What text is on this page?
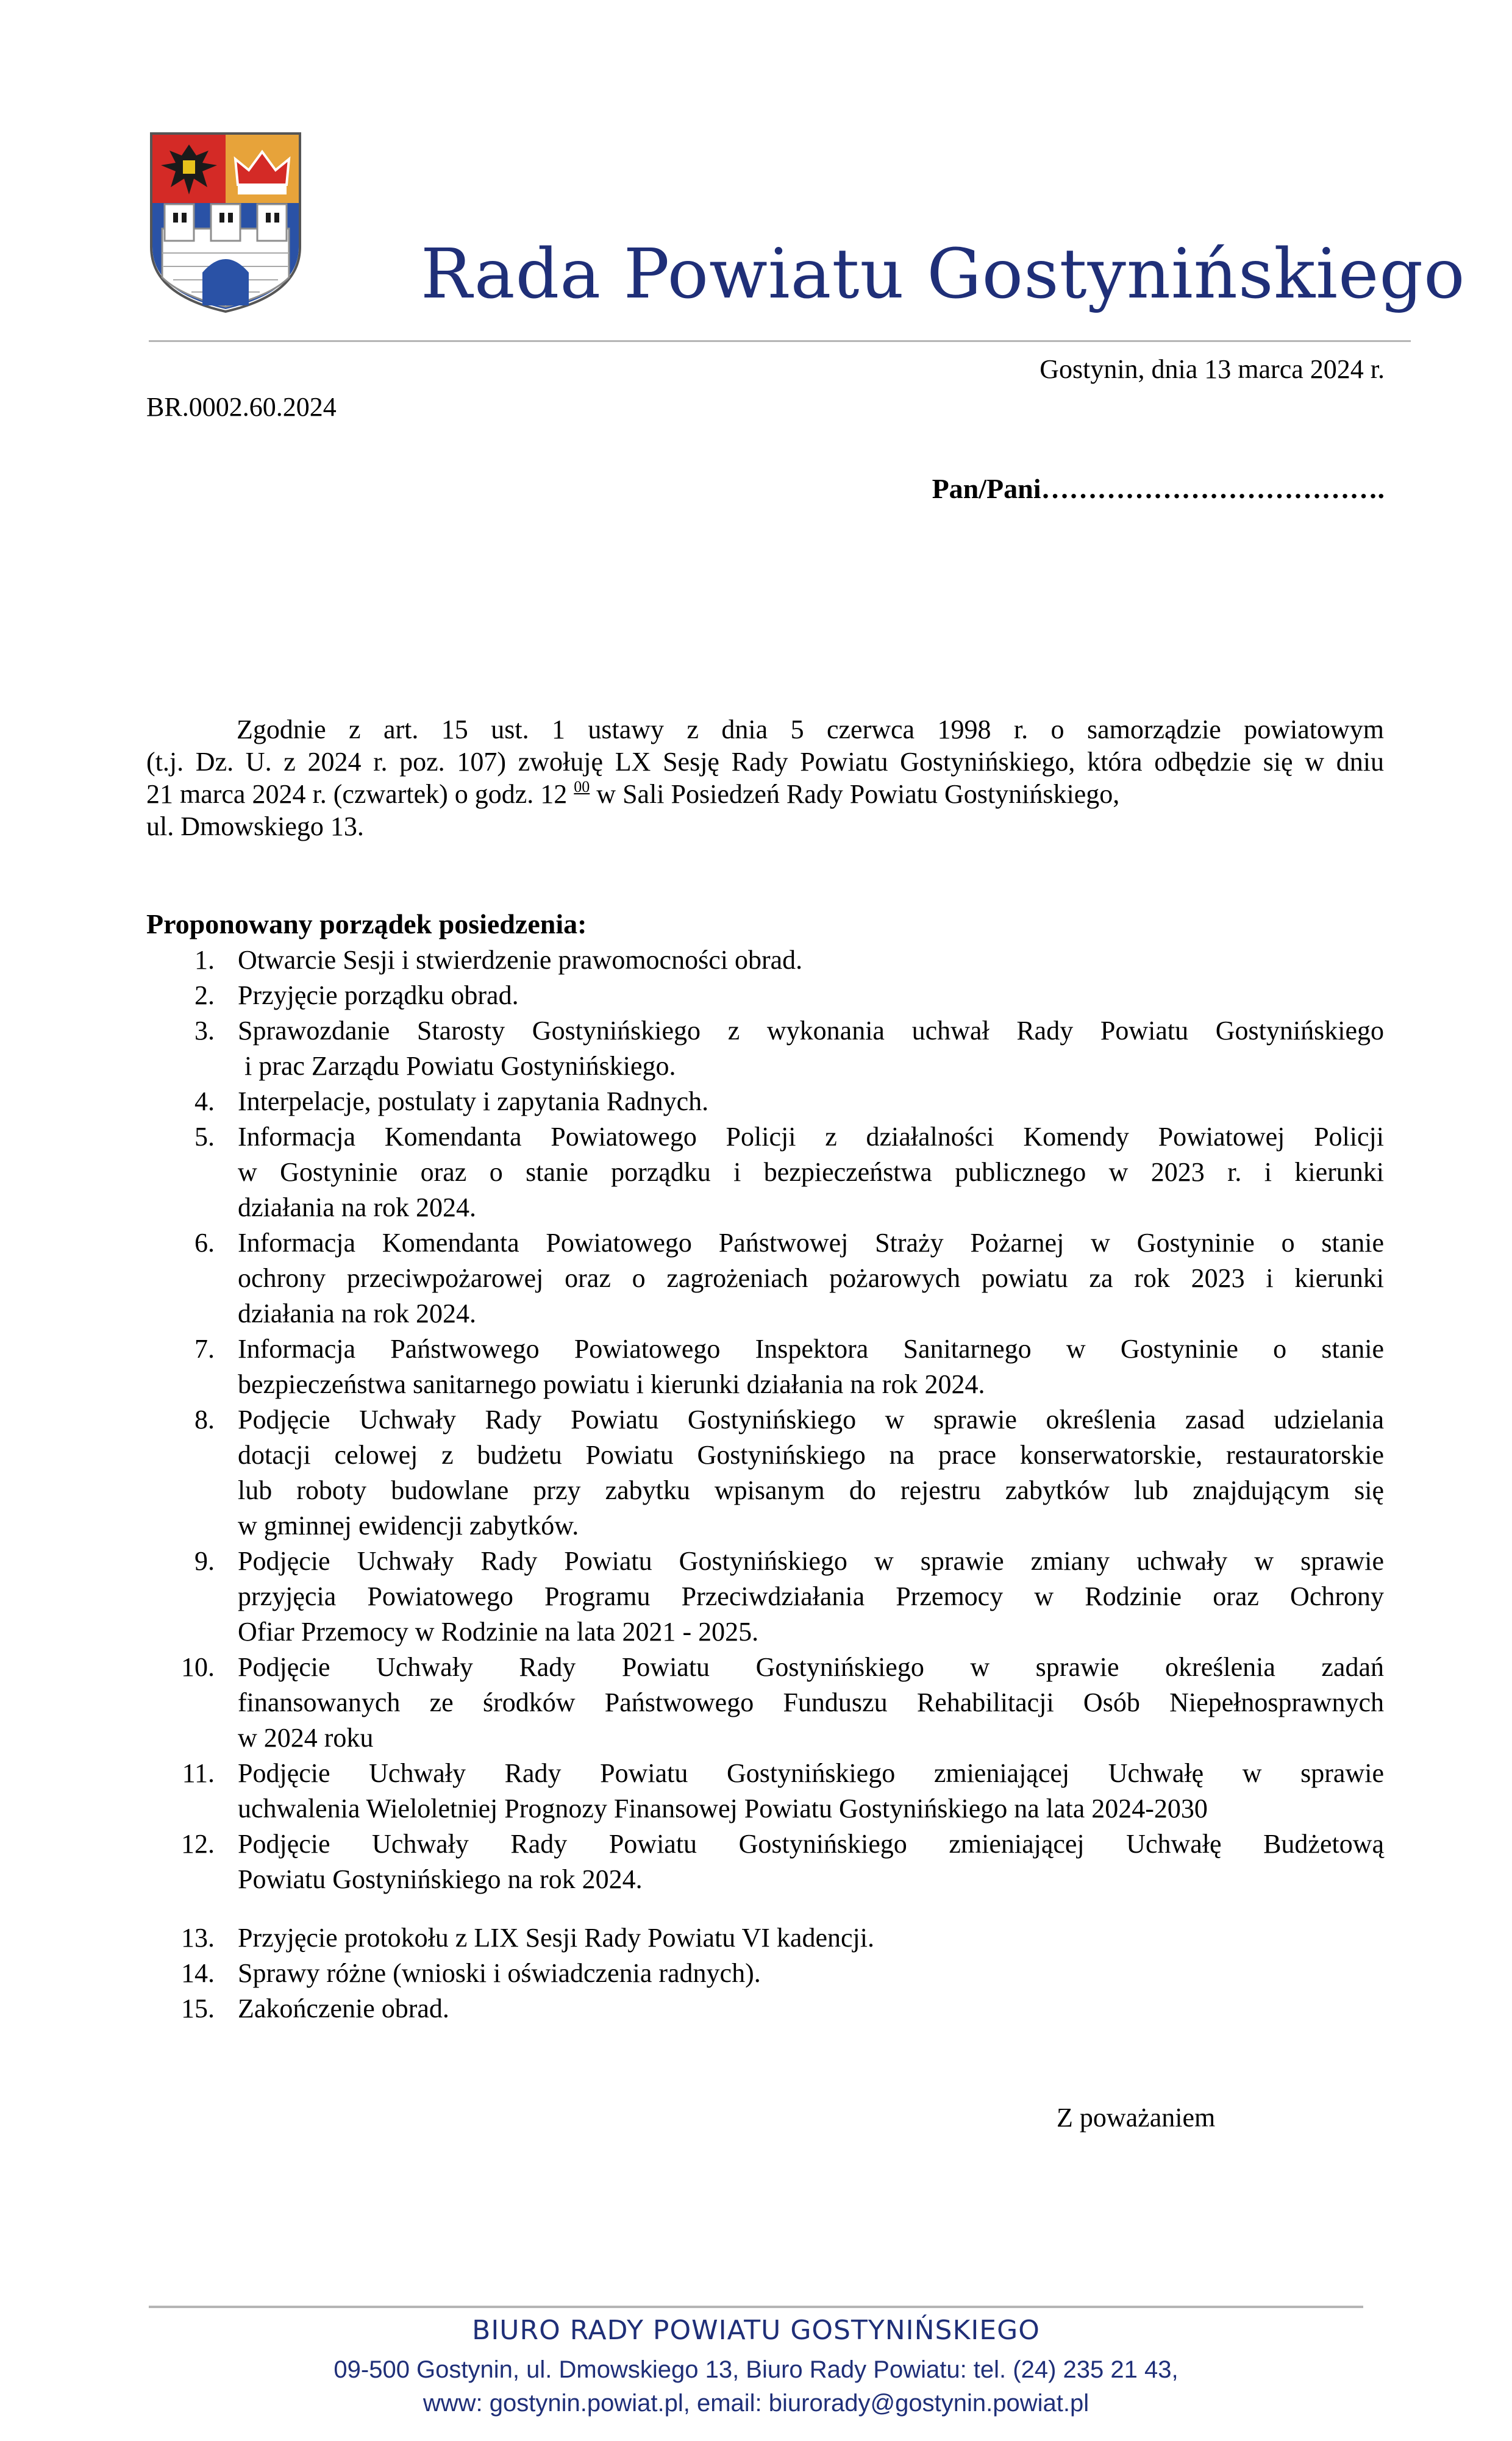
Rada Powiatu Gostynińskiego
Gostynin, dnia 13 marca 2024 r.
BR.0002.60.2024
Pan/Pani……………………………….
Zgodnie z art. 15 ust. 1 ustawy z dnia 5 czerwca 1998 r. o samorządzie powiatowym
(t.j. Dz. U. z 2024 r. poz. 107) zwołuję LX Sesję Rady Powiatu Gostynińskiego, która odbędzie się w dniu
21 marca 2024 r. (czwartek) o godz. 12 $^{00}$ w Sali Posiedzeń Rady Powiatu Gostynińskiego,
ul. Dmowskiego 13.
Proponowany porządek posiedzenia:
1. Otwarcie Sesji i stwierdzenie prawomocności obrad.
2. Przyjęcie porządku obrad.
3. Sprawozdanie Starosty Gostynińskiego z wykonania uchwał Rady Powiatu Gostynińskiego
i prac Zarządu Powiatu Gostynińskiego.
4. Interpelacje, postulaty i zapytania Radnych.
5. Informacja Komendanta Powiatowego Policji z działalności Komendy Powiatowej Policji
w Gostyninie oraz o stanie porządku i bezpieczeństwa publicznego w 2023 r. i kierunki
działania na rok 2024.
6. Informacja Komendanta Powiatowego Państwowej Straży Pożarnej w Gostyninie o stanie
ochrony przeciwpożarowej oraz o zagrożeniach pożarowych powiatu za rok 2023 i kierunki
działania na rok 2024.
7. Informacja Państwowego Powiatowego Inspektora Sanitarnego w Gostyninie o stanie
bezpieczeństwa sanitarnego powiatu i kierunki działania na rok 2024.
8. Podjęcie Uchwały Rady Powiatu Gostynińskiego w sprawie określenia zasad udzielania
dotacji celowej z budżetu Powiatu Gostynińskiego na prace konserwatorskie, restauratorskie
lub roboty budowlane przy zabytku wpisanym do rejestru zabytków lub znajdującym się
w gminnej ewidencji zabytków.
9. Podjęcie Uchwały Rady Powiatu Gostynińskiego w sprawie zmiany uchwały w sprawie
przyjęcia Powiatowego Programu Przeciwdziałania Przemocy w Rodzinie oraz Ochrony
Ofiar Przemocy w Rodzinie na lata 2021 - 2025.
10. Podjęcie Uchwały Rady Powiatu Gostynińskiego w sprawie określenia zadań
finansowanych ze środków Państwowego Funduszu Rehabilitacji Osób Niepełnosprawnych
w 2024 roku
11. Podjęcie Uchwały Rady Powiatu Gostynińskiego zmieniającej Uchwałę w sprawie
uchwalenia Wieloletniej Prognozy Finansowej Powiatu Gostynińskiego na lata 2024-2030
12. Podjęcie Uchwały Rady Powiatu Gostynińskiego zmieniającej Uchwałę Budżetową
Powiatu Gostynińskiego na rok 2024.
13. Przyjęcie protokołu z LIX Sesji Rady Powiatu VI kadencji.
14. Sprawy różne (wnioski i oświadczenia radnych).
15. Zakończenie obrad.
Z poważaniem
BIURO RADY POWIATU GOSTYNIŃSKIEGO
09-500 Gostynin, ul. Dmowskiego 13, Biuro Rady Powiatu: tel. (24) 235 21 43,
www: gostynin.powiat.pl, email: biurorady@gostynin.powiat.pl
